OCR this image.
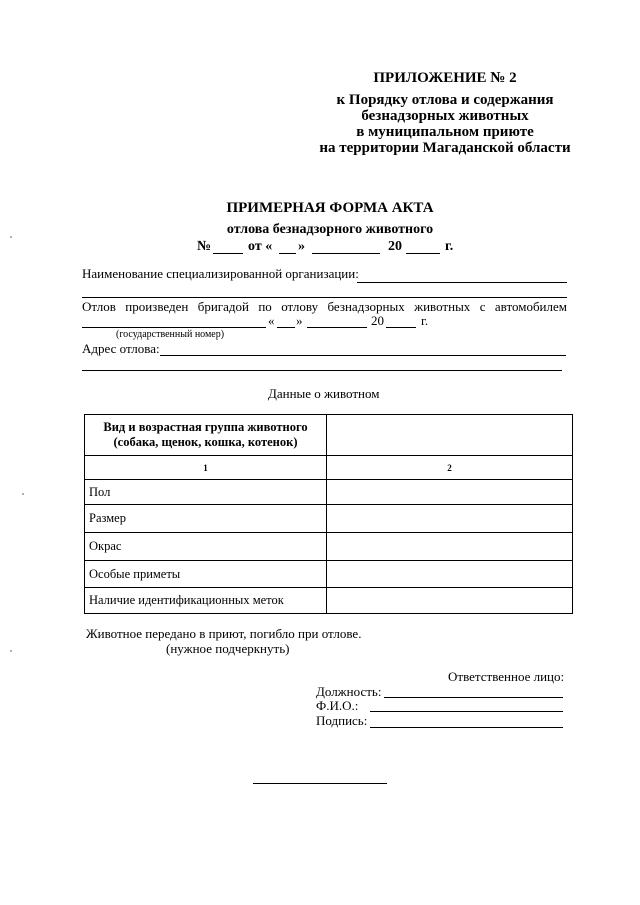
ПРИЛОЖЕНИЕ № 2
к Порядку отлова и содержания
безнадзорных животных
в муниципальном приюте
на территории Магаданской области
ПРИМЕРНАЯ ФОРМА АКТА
отлова безнадзорного животного
№	от « »	20	г.
Наименование специализированной организации:
Отлов произведен бригадой по отлову безнадзорных животных с автомобилем
« »	20	г.
(государственный номер)
Адрес отлова:
Данные о животном
Вид и возрастная группа животного
(собака, щенок, кошка, котенок)	

1	2
Пол	
Размер	
Окрас	
Особые приметы	
Наличие идентификационных меток	
Животное передано в приют, погибло при отлове.
(нужное подчеркнуть)
Ответственное лицо:
Должность:
Ф.И.О.:
Подпись:
